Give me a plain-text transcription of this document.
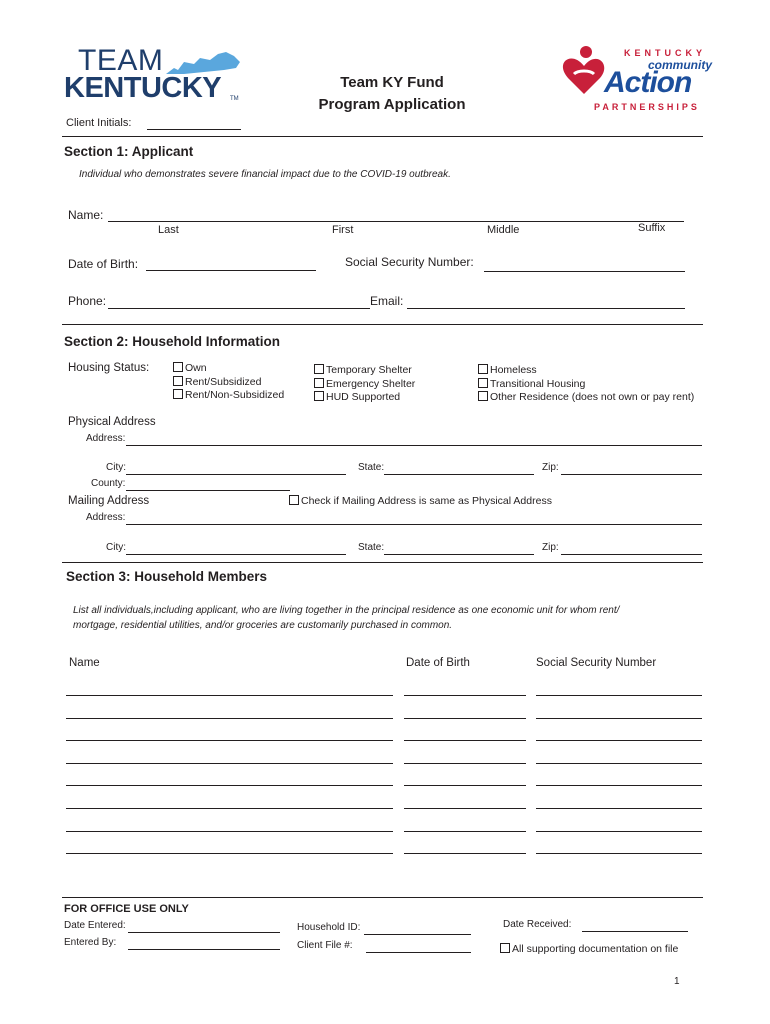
TEAM
KENTUCKY TM
Team KY Fund
Program Application
KENTUCKY
community
Action
PARTNERSHIPS
Client Initials:
Section 1: Applicant
Individual who demonstrates severe financial impact due to the COVID-19 outbreak.
Name:
Last	First	Middle	Suffix
Date of Birth:	Social Security Number:
Phone:	Email:
Section 2: Household Information
Housing Status:	Own
Rent/Subsidized
Rent/Non-Subsidized
Temporary Shelter
Emergency Shelter
HUD Supported
Homeless
Transitional Housing
Other Residence (does not own or pay rent)
Physical Address
Address:
City:	State:	Zip:
County:
Mailing Address	Check if Mailing Address is same as Physical Address
Address:
City:	State:	Zip:
Section 3: Household Members
List all individuals,including applicant, who are living together in the principal residence as one economic unit for whom rent/
mortgage, residential utilities, and/or groceries are customarily purchased in common.
Name	Date of Birth	Social Security Number
FOR OFFICE USE ONLY
Date Entered:
Entered By:
Household ID:
Client File #:
Date Received:
All supporting documentation on file
1
